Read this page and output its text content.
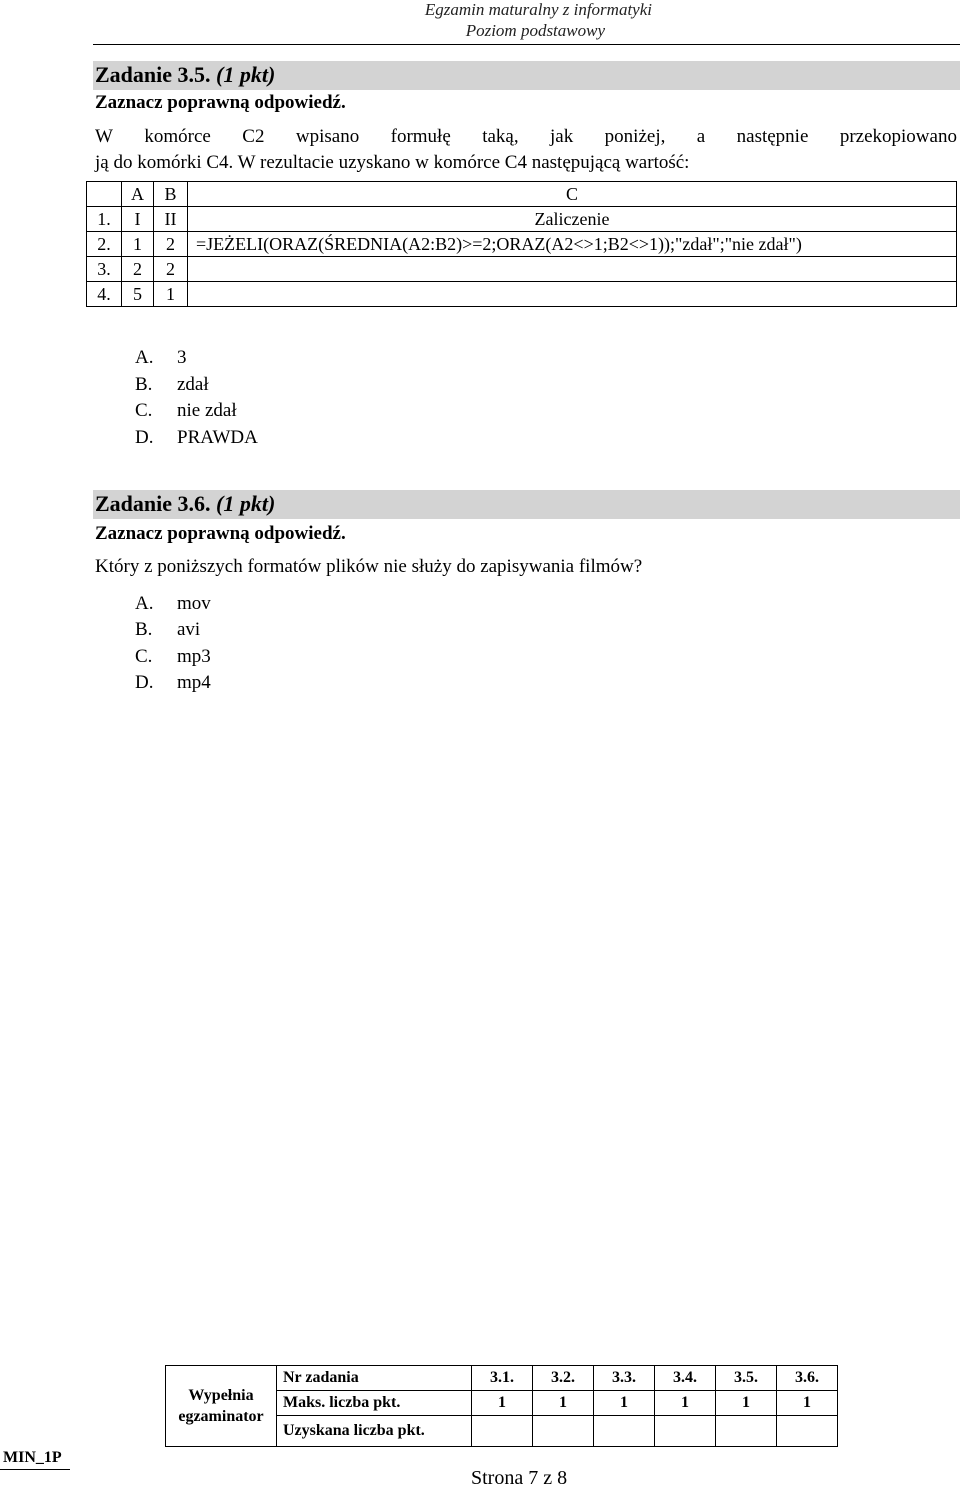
Egzamin maturalny z informatyki
Poziom podstawowy
Zadanie 3.5. (1 pkt)
Zaznacz poprawną odpowiedź.
W komórce C2 wpisano formułę taką, jak poniżej, a następnie przekopiowano
ją do komórki C4. W rezultacie uzyskano w komórce C4 następującą wartość:
	A	B	C
1.	I	II	Zaliczenie
2.	1	2	=JEŻELI(ORAZ(ŚREDNIA(A2:B2)>=2;ORAZ(A2<>1;B2<>1));"zdał";"nie zdał")
3.	2	2	
4.	5	1	
A. 3
B. zdał
C. nie zdał
D. PRAWDA
Zadanie 3.6. (1 pkt)
Zaznacz poprawną odpowiedź.
Który z poniższych formatów plików nie służy do zapisywania filmów?
A. mov
B. avi
C. mp3
D. mp4
Wypełnia
egzaminator	Nr zadania	3.1.	3.2.	3.3.	3.4.	3.5.	3.6.
	Maks. liczba pkt.	1	1	1	1	1	1
	Uzyskana liczba pkt.						
MIN_1P
Strona 7 z 8
